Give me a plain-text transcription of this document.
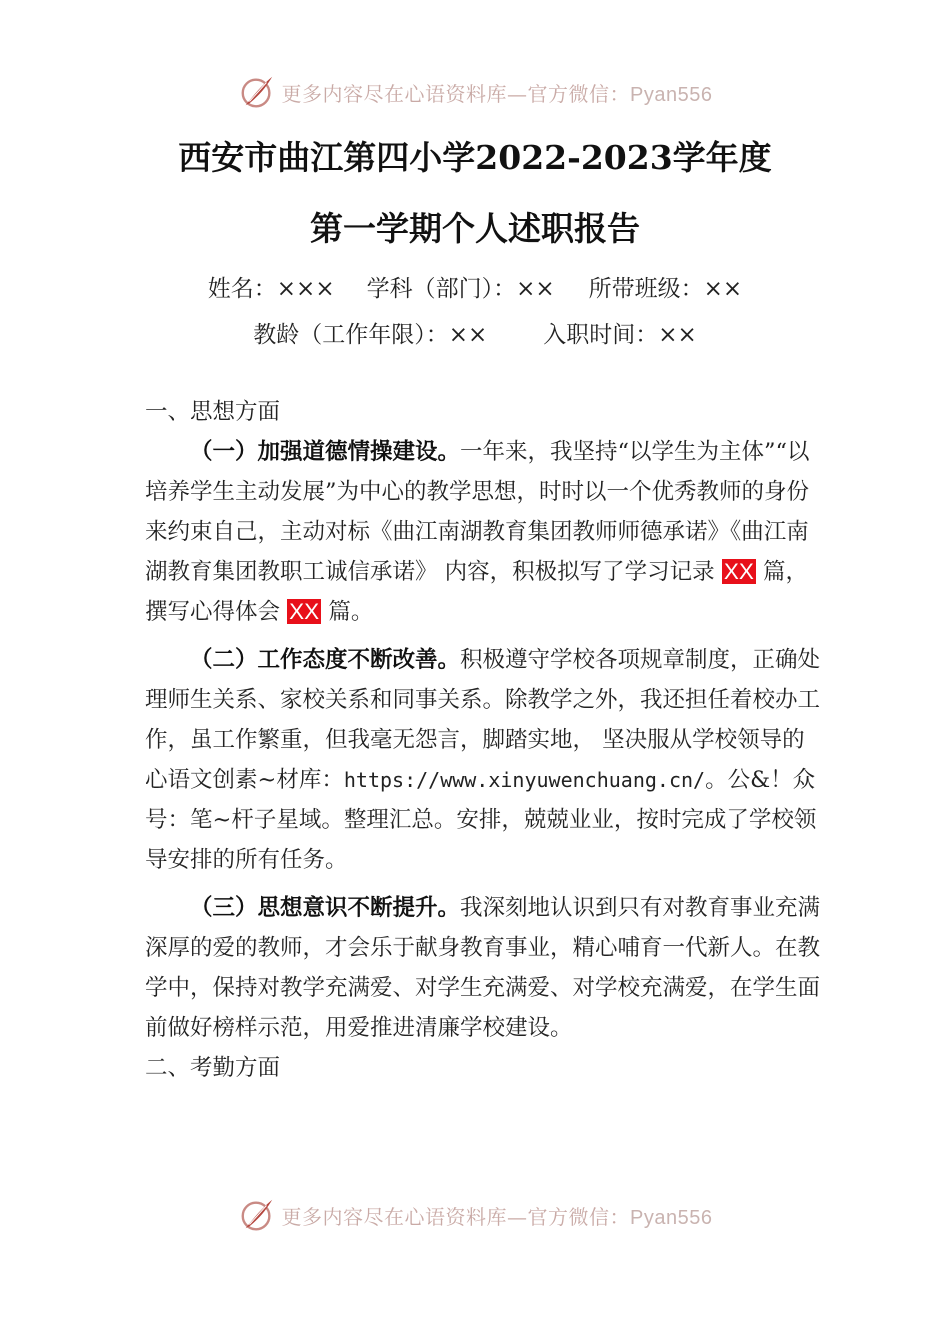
更多内容尽在心语资料库—官方微信：Pyan556
西安市曲江第四小学2022-2023学年度
第一学期个人述职报告
姓名：××× 学科（部门）：×× 所带班级：××
教龄（工作年限）：×× 入职时间：××

一、思想方面

（一）加强道德情操建设。一年来，我坚持“以学生为主体”“以培养学生主动发展”为中心的教学思想，时时以一个优秀教师的身份来约束自己，主动对标《曲江南湖教育集团教师师德承诺》《曲江南湖教育集团教职工诚信承诺》 内容，积极拟写了学习记录 XX 篇，撰写心得体会 XX 篇。

（二）工作态度不断改善。积极遵守学校各项规章制度，正确处理师生关系、家校关系和同事关系。除教学之外，我还担任着校办工作，虽工作繁重，但我毫无怨言，脚踏实地， 坚决服从学校领导的心语文创素~材库：https://www.xinyuwenchuang.cn/。公&！众号：笔~杆子星域。整理汇总。安排，兢兢业业，按时完成了学校领导安排的所有任务。

（三）思想意识不断提升。我深刻地认识到只有对教育事业充满深厚的爱的教师，才会乐于献身教育事业，精心哺育一代新人。在教学中，保持对教学充满爱、对学生充满爱、对学校充满爱，在学生面前做好榜样示范，用爱推进清廉学校建设。

二、考勤方面

更多内容尽在心语资料库—官方微信：Pyan556
